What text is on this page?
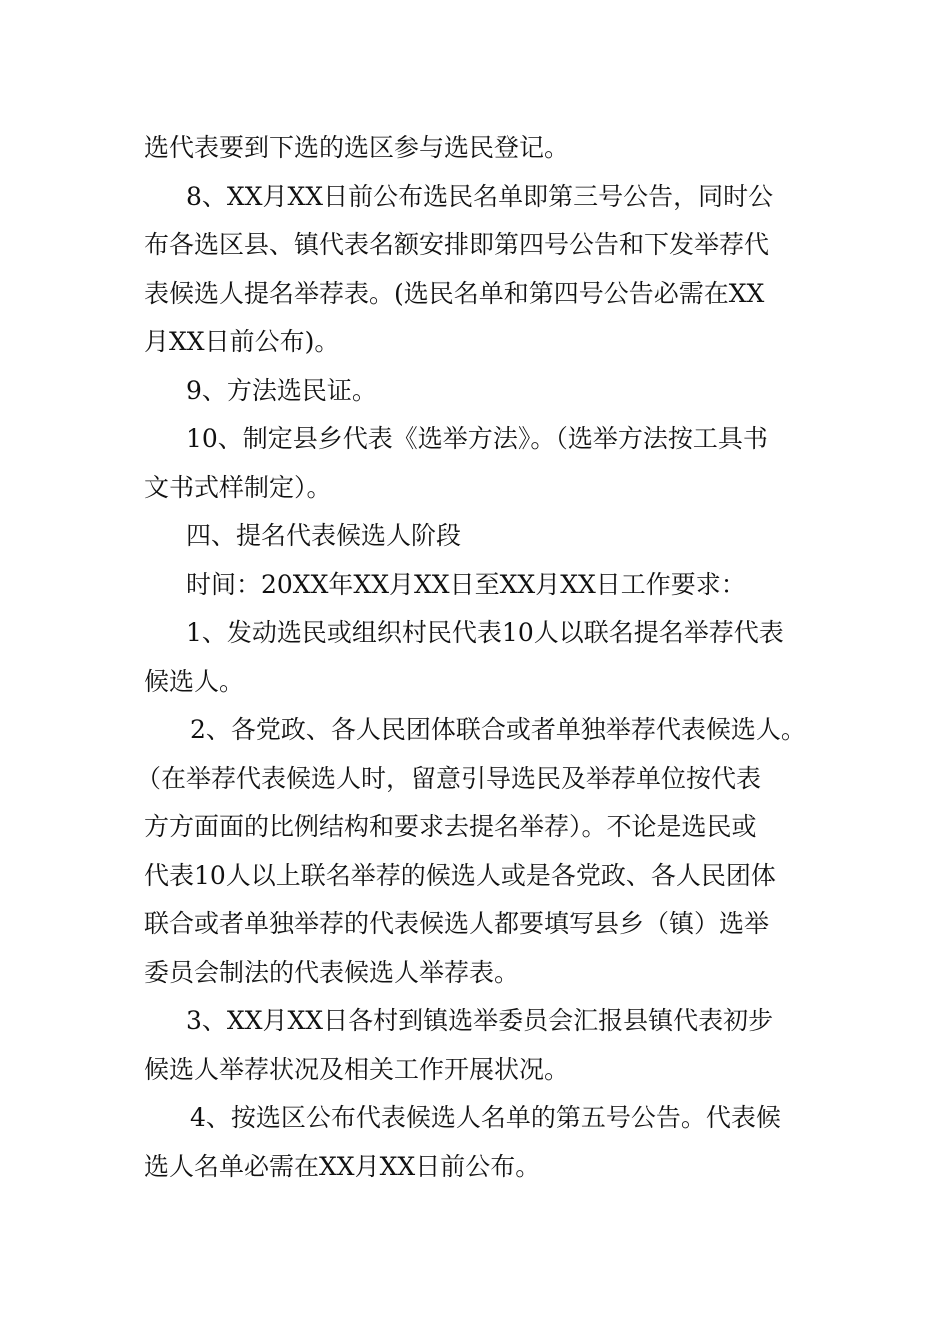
选代表要到下选的选区参与选民登记。
8、XX月XX日前公布选民名单即第三号公告，同时公
布各选区县、镇代表名额安排即第四号公告和下发举荐代
表候选人提名举荐表。(选民名单和第四号公告必需在XX
月XX日前公布)。
9、方法选民证。
10、制定县乡代表《选举方法》。（选举方法按工具书
文书式样制定）。
四、提名代表候选人阶段
时间：20XX年XX月XX日至XX月XX日工作要求：
1、发动选民或组织村民代表10人以联名提名举荐代表
候选人。
2、各党政、各人民团体联合或者单独举荐代表候选人。
（在举荐代表候选人时，留意引导选民及举荐单位按代表
方方面面的比例结构和要求去提名举荐）。不论是选民或
代表10人以上联名举荐的候选人或是各党政、各人民团体
联合或者单独举荐的代表候选人都要填写县乡（镇）选举
委员会制法的代表候选人举荐表。
3、XX月XX日各村到镇选举委员会汇报县镇代表初步
候选人举荐状况及相关工作开展状况。
4、按选区公布代表候选人名单的第五号公告。代表候
选人名单必需在XX月XX日前公布。
